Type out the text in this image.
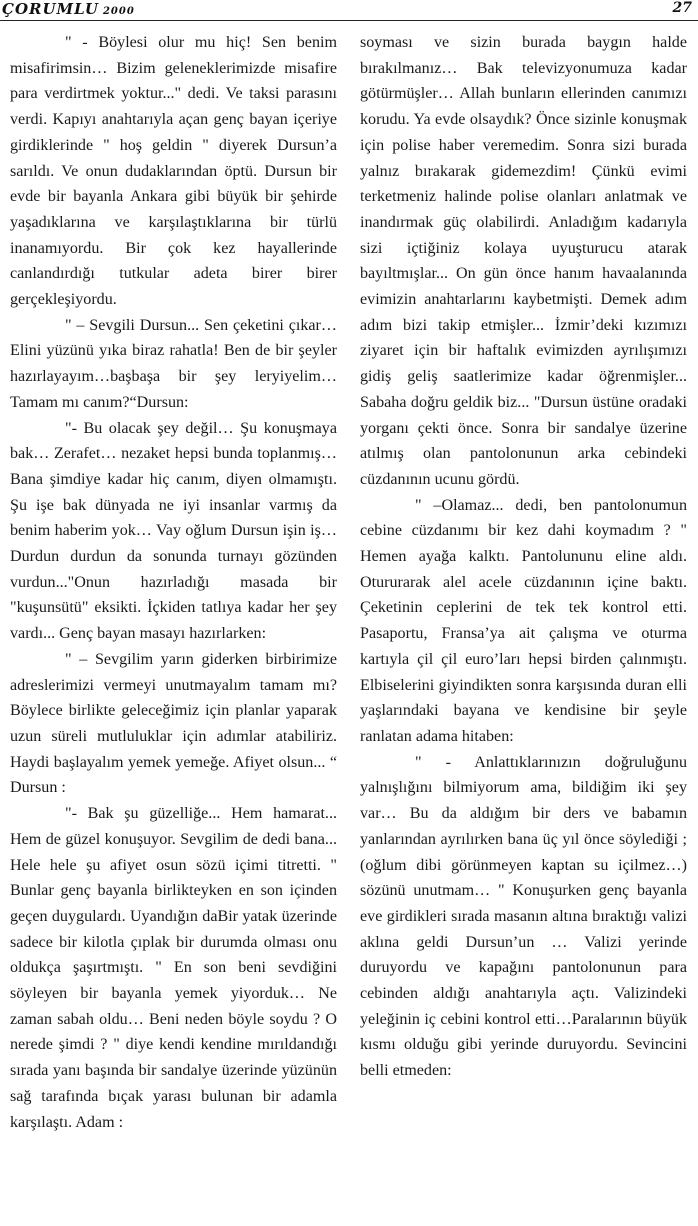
ÇORUMLU 2000	27

" - Böylesi olur mu hiç! Sen benim misafirimsin… Bizim geleneklerimizde misafire para verdirtmek yoktur..." dedi. Ve taksi parasını verdi. Kapıyı anahtarıyla açan genç bayan içeriye girdiklerinde " hoş geldin " diyerek Dursun’a sarıldı. Ve onun dudaklarından öptü. Dursun bir evde bir bayanla Ankara gibi büyük bir şehirde yaşadıklarına ve karşılaştıklarına bir türlü inanamıyordu. Bir çok kez hayallerinde canlandırdığı tutkular adeta birer birer gerçekleşiyordu.

" – Sevgili Dursun... Sen çeketini çıkar… Elini yüzünü yıka biraz rahatla! Ben de bir şeyler hazırlayayım…başbaşa bir şey leryiyelim… Tamam mı canım?“Dursun:

"- Bu olacak şey değil… Şu konuşmaya bak… Zerafet… nezaket hepsi bunda toplanmış… Bana şimdiye kadar hiç canım, diyen olmamıştı. Şu işe bak dünyada ne iyi insanlar varmış da benim haberim yok… Vay oğlum Dursun işin iş… Durdun durdun da sonunda turnayı gözünden vurdun..."Onun hazırladığı masada bir "kuşunsütü" eksikti. İçkiden tatlıya kadar her şey vardı... Genç bayan masayı hazırlarken:

" – Sevgilim yarın giderken birbirimize adreslerimizi vermeyi unutmayalım tamam mı? Böylece birlikte geleceğimiz için planlar yaparak uzun süreli mutluluklar için adımlar atabiliriz. Haydi başlayalım yemek yemeğe. Afiyet olsun... “ Dursun :

"- Bak şu güzelliğe... Hem hamarat... Hem de güzel konuşuyor. Sevgilim de dedi bana... Hele hele şu afiyet osun sözü içimi titretti. " Bunlar genç bayanla birlikteyken en son içinden geçen duygulardı. Uyandığın daBir yatak üzerinde sadece bir kilotla çıplak bir durumda olması onu oldukça şaşırtmıştı. " En son beni sevdiğini söyleyen bir bayanla yemek yiyorduk… Ne zaman sabah oldu… Beni neden böyle soydu ? O nerede şimdi ? " diye kendi kendine mırıldandığı sırada yanı başında bir sandalye üzerinde yüzünün sağ tarafında bıçak yarası bulunan bir adamla karşılaştı. Adam :

soyması ve sizin burada baygın halde bırakılmanız… Bak televizyonumuza kadar götürmüşler… Allah bunların ellerinden canımızı korudu. Ya evde olsaydık? Önce sizinle konuşmak için polise haber veremedim. Sonra sizi burada yalnız bırakarak gidemezdim! Çünkü evimi terketmeniz halinde polise olanları anlatmak ve inandırmak güç olabilirdi. Anladığım kadarıyla sizi içtiğiniz kolaya uyuşturucu atarak bayıltmışlar... On gün önce hanım havaalanında evimizin anahtarlarını kaybetmişti. Demek adım adım bizi takip etmişler... İzmir’deki kızımızı ziyaret için bir haftalık evimizden ayrılışımızı gidiş geliş saatlerimize kadar öğrenmişler... Sabaha doğru geldik biz... "Dursun üstüne oradaki yorganı çekti önce. Sonra bir sandalye üzerine atılmış olan pantolonunun arka cebindeki cüzdanının ucunu gördü.

" –Olamaz... dedi, ben pantolonumun cebine cüzdanımı bir kez dahi koymadım ? " Hemen ayağa kalktı. Pantolununu eline aldı. Otururarak alel acele cüzdanının içine baktı. Çeketinin ceplerini de tek tek kontrol etti. Pasaportu, Fransa’ya ait çalışma ve oturma kartıyla çil çil euro’ları hepsi birden çalınmıştı. Elbiselerini giyindikten sonra karşısında duran elli yaşlarındaki bayana ve kendisine bir şeyle ranlatan adama hitaben:

" - Anlattıklarınızın doğruluğunu yalnışlığını bilmiyorum ama, bildiğim iki şey var… Bu da aldığım bir ders ve babamın yanlarından ayrılırken bana üç yıl önce söylediği ; (oğlum dibi görünmeyen kaptan su içilmez…) sözünü unutmam… " Konuşurken genç bayanla eve girdikleri sırada masanın altına bıraktığı valizi aklına geldi Dursun’un … Valizi yerinde duruyordu ve kapağını pantolonunun para cebinden aldığı anahtarıyla açtı. Valizindeki yeleğinin iç cebini kontrol etti…Paralarının büyük kısmı olduğu gibi yerinde duruyordu. Sevincini belli etmeden:
